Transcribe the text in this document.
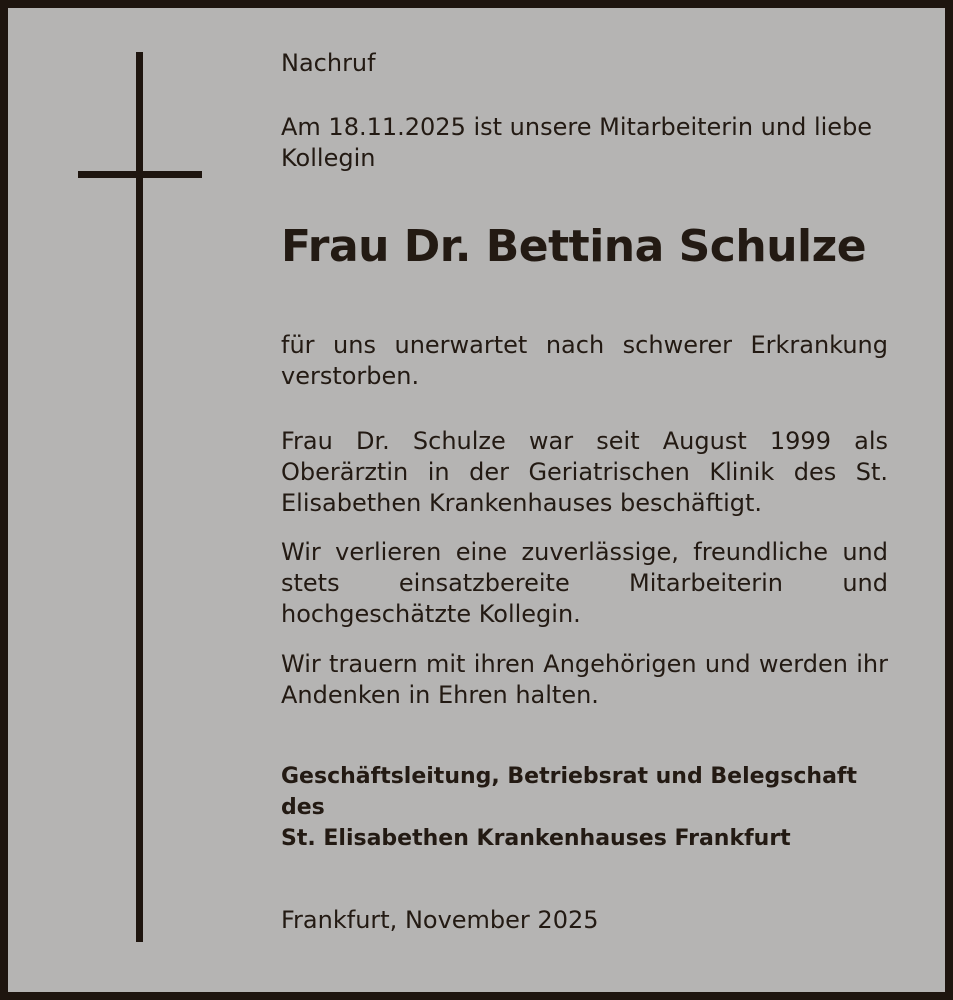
Nachruf

Am 18.11.2025 ist unsere Mitarbeiterin und liebe Kollegin

Frau Dr. Bettina Schulze

für uns unerwartet nach schwerer Erkrankung verstorben.

Frau Dr. Schulze war seit August 1999 als Oberärztin in der Geriatrischen Klinik des St. Elisabethen Krankenhauses beschäftigt.

Wir verlieren eine zuverlässige, freundliche und stets einsatzbereite Mitarbeiterin und hochgeschätzte Kollegin.

Wir trauern mit ihren Angehörigen und werden ihr Andenken in Ehren halten.

Geschäftsleitung, Betriebsrat und Belegschaft des
St. Elisabethen Krankenhauses Frankfurt

Frankfurt, November 2025
